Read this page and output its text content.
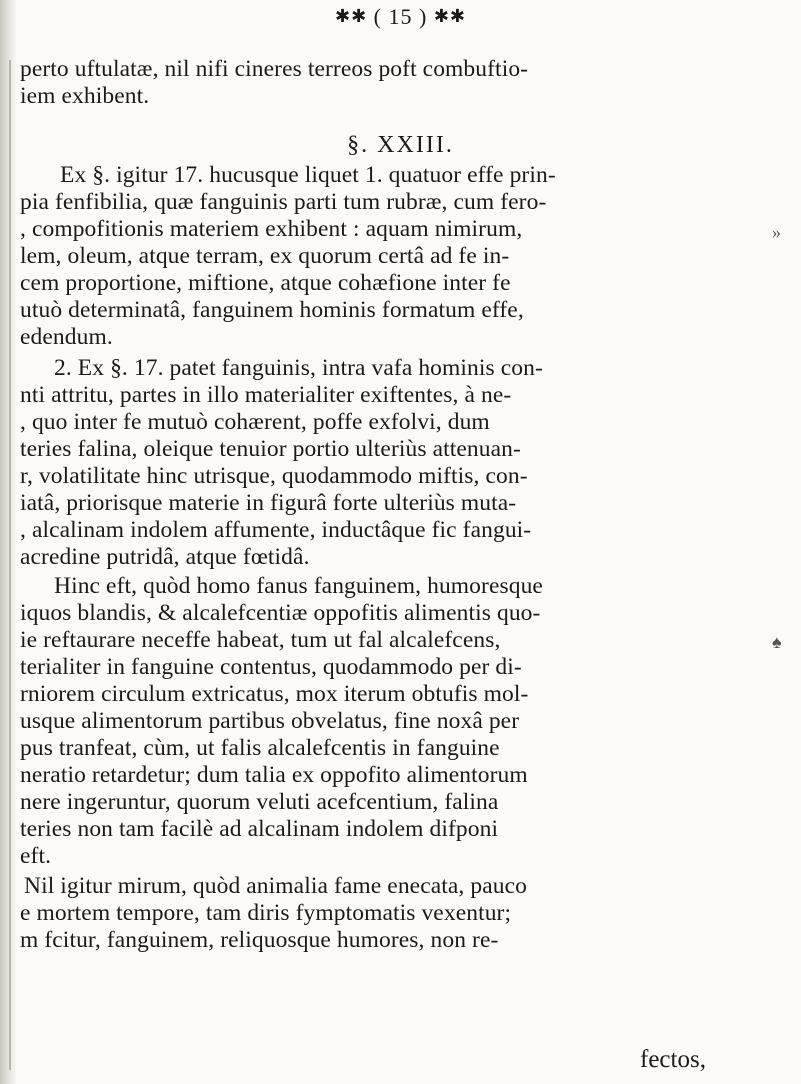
✱✱ ( 15 ) ✱✱
perto uftulatæ, nil nifi cineres terreos poft combuftio-
iem exhibent.
§. XXIII.
Ex §. igitur 17. hucusque liquet 1. quatuor effe prin-
pia fenfibilia, quæ fanguinis parti tum rubræ, cum fero-
, compofitionis materiem exhibent : aquam nimirum,
lem, oleum, atque terram, ex quorum certâ ad fe in-
cem proportione, miftione, atque cohæfione inter fe
utuò determinatâ, fanguinem hominis formatum effe,
edendum.
2. Ex §. 17. patet fanguinis, intra vafa hominis con-
nti attritu, partes in illo materialiter exiftentes, à ne-
, quo inter fe mutuò cohærent, poffe exfolvi, dum
teries falina, oleique tenuior portio ulteriùs attenuan-
r, volatilitate hinc utrisque, quodammodo miftis, con-
iatâ, priorisque materie in figurâ forte ulteriùs muta-
, alcalinam indolem affumente, inductâque fic fangui-
acredine putridâ, atque fœtidâ.
Hinc eft, quòd homo fanus fanguinem, humoresque
iquos blandis, & alcalefcentiæ oppofitis alimentis quo-
ie reftaurare neceffe habeat, tum ut fal alcalefcens,
terialiter in fanguine contentus, quodammodo per di-
rniorem circulum extricatus, mox iterum obtufis mol-
usque alimentorum partibus obvelatus, fine noxâ per
pus tranfeat, cùm, ut falis alcalefcentis in fanguine
neratio retardetur; dum talia ex oppofito alimentorum
nere ingeruntur, quorum veluti acefcentium, falina
teries non tam facilè ad alcalinam indolem difponi
eft.
Nil igitur mirum, quòd animalia fame enecata, pauco
e mortem tempore, tam diris fymptomatis vexentur;
m fcitur, fanguinem, reliquosque humores, non re-
fectos,
»
♠
